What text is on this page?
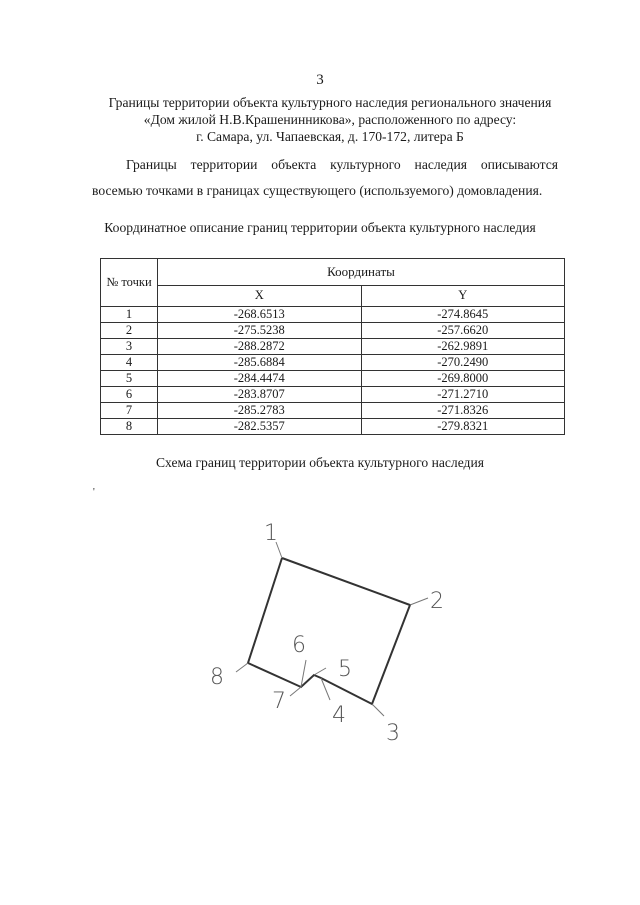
3
Границы территории объекта культурного наследия регионального значения
«Дом жилой Н.В.Крашенинникова», расположенного по адресу:
г. Самара, ул. Чапаевская, д. 170-172, литера Б
Границы территории объекта культурного наследия описываются
восемью точками в границах существующего (используемого) домовладения.
Координатное описание границ территории объекта культурного наследия
№ точки	Координаты	
	X	Y
1	-268.6513	-274.8645
2	-275.5238	-257.6620
3	-288.2872	-262.9891
4	-285.6884	-270.2490
5	-284.4474	-269.8000
6	-283.8707	-271.2710
7	-285.2783	-271.8326
8	-282.5357	-279.8321
Схема границ территории объекта культурного наследия
'
1
2
3
4
5
6
7
8
